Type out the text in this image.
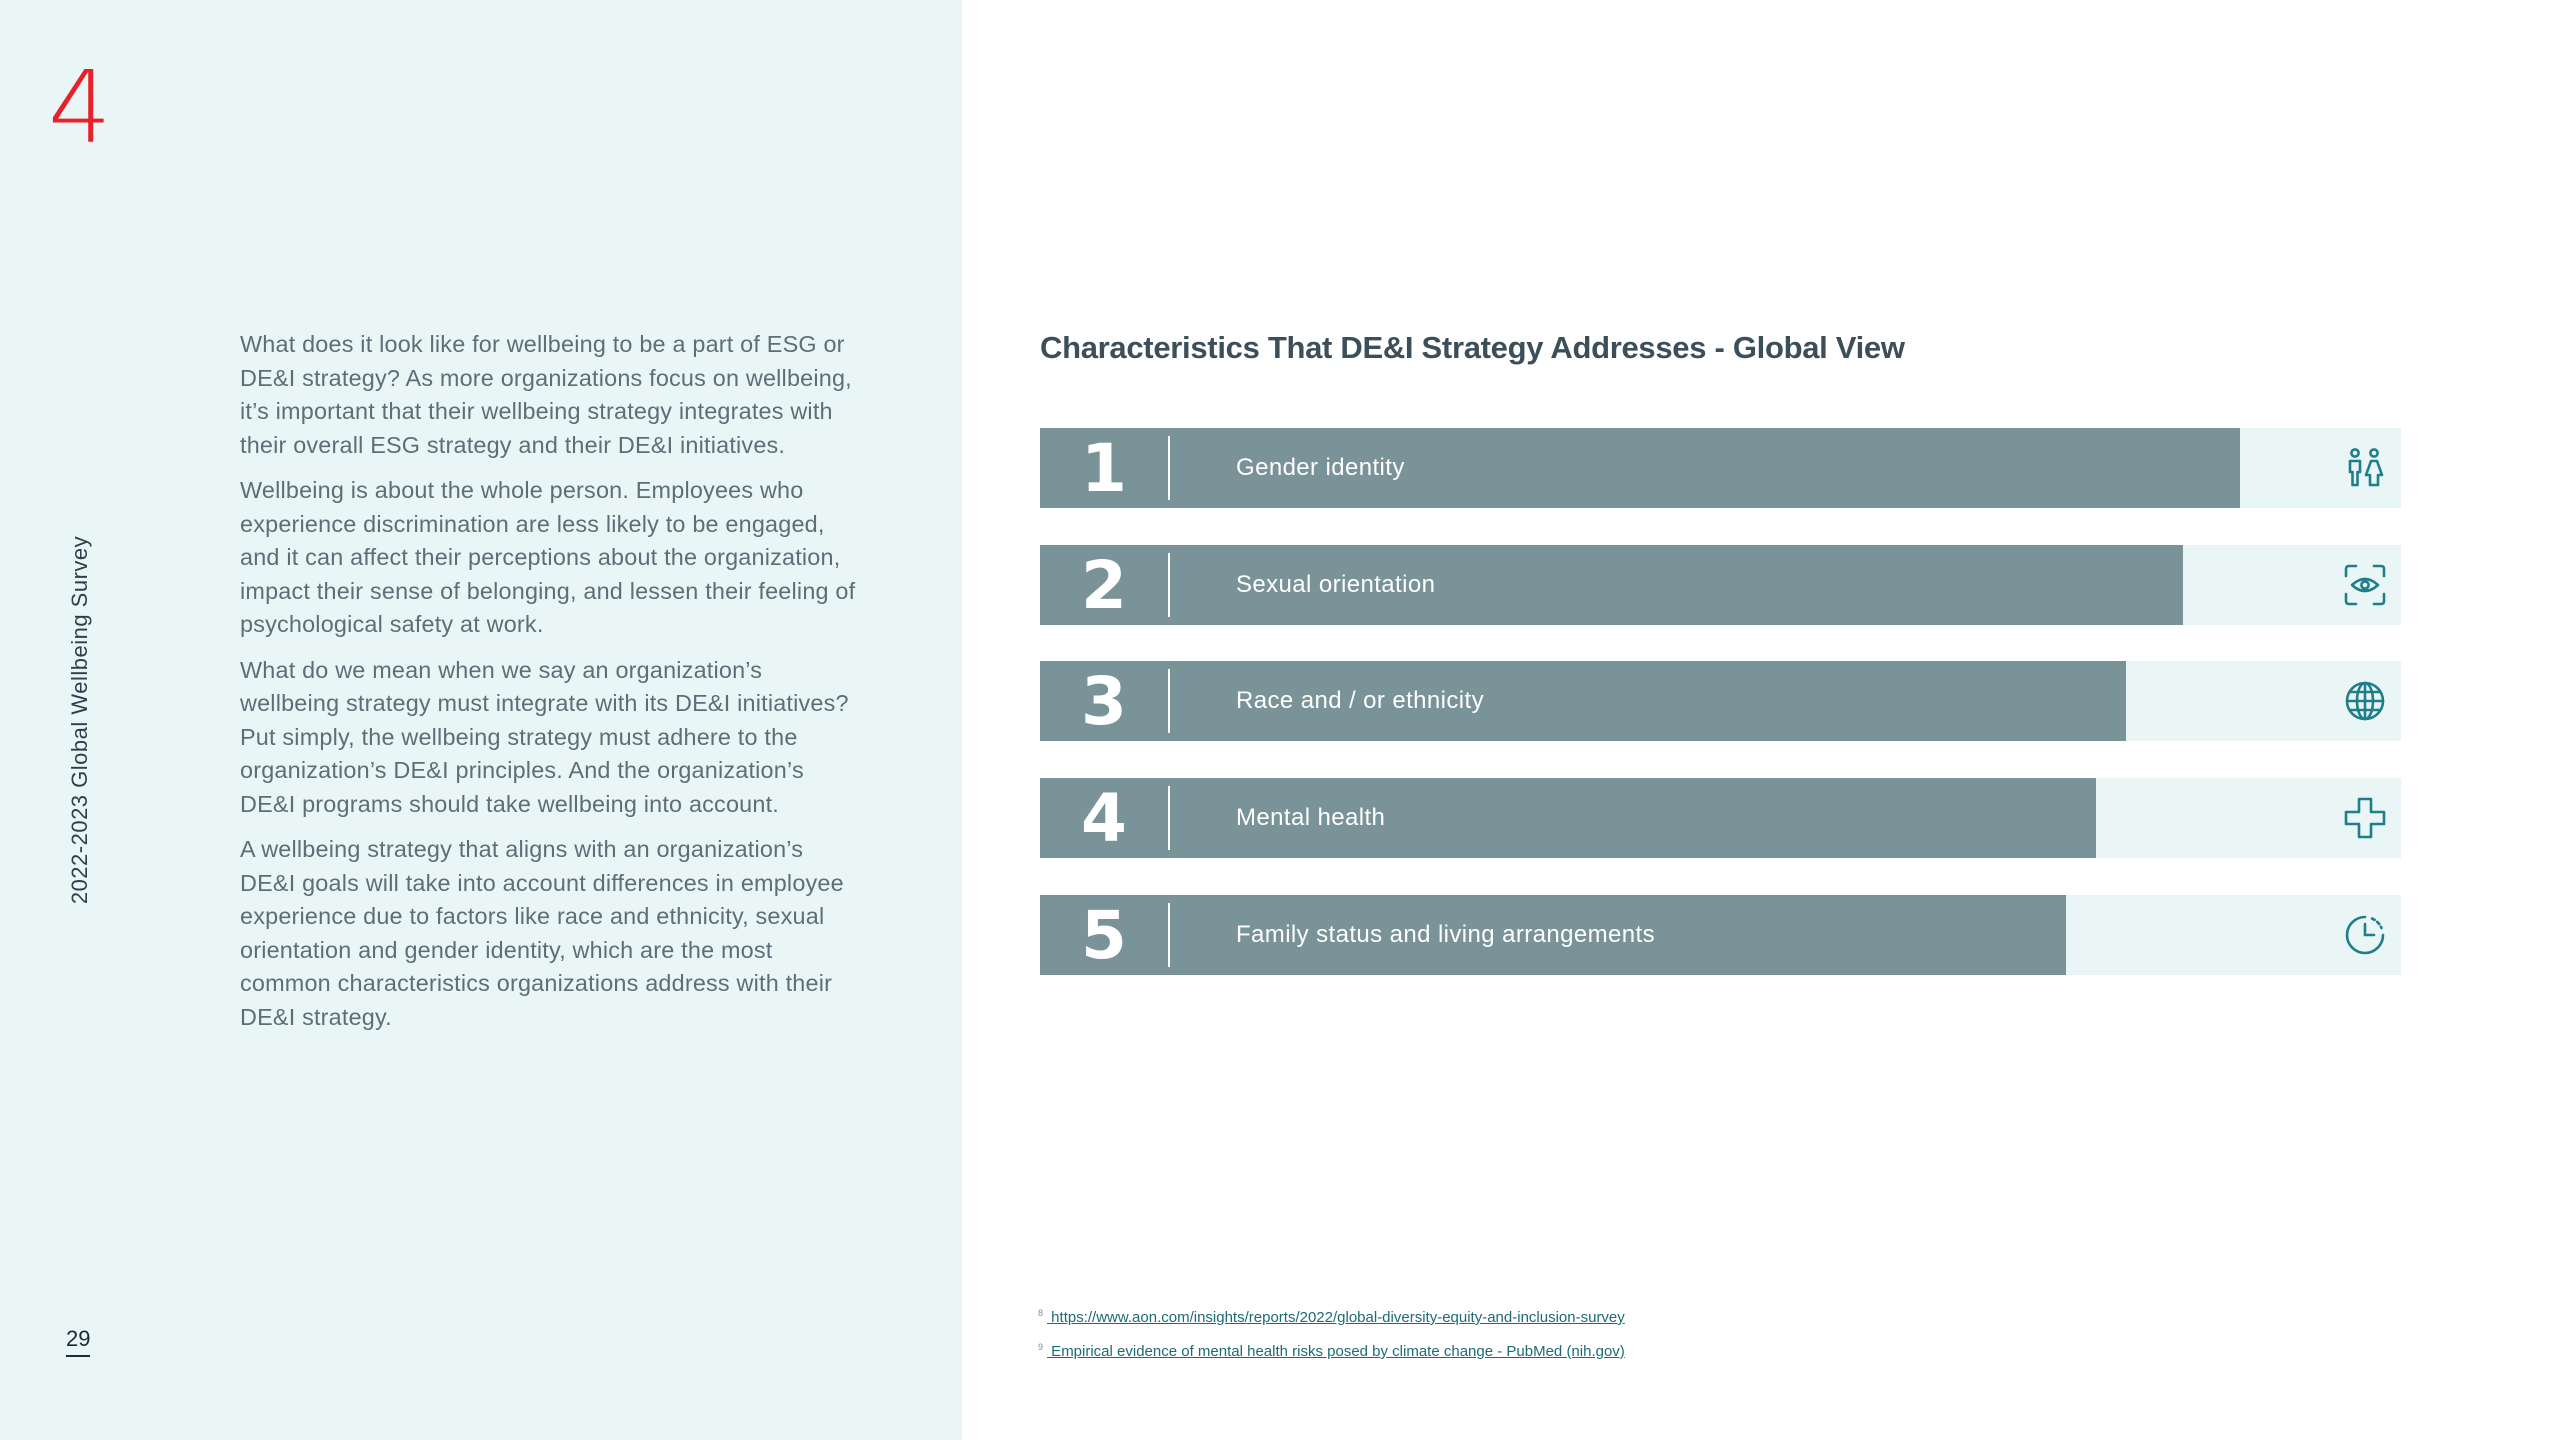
4
2022-2023 Global Wellbeing Survey
29

What does it look like for wellbeing to be a part of ESG or DE&I strategy? As more organizations focus on wellbeing, it’s important that their wellbeing strategy integrates with their overall ESG strategy and their DE&I initiatives.

Wellbeing is about the whole person. Employees who experience discrimination are less likely to be engaged, and it can affect their perceptions about the organization, impact their sense of belonging, and lessen their feeling of psychological safety at work.

What do we mean when we say an organization’s wellbeing strategy must integrate with its DE&I initiatives? Put simply, the wellbeing strategy must adhere to the organization’s DE&I principles. And the organization’s DE&I programs should take wellbeing into account.

A wellbeing strategy that aligns with an organization’s DE&I goals will take into account differences in employee experience due to factors like race and ethnicity, sexual orientation and gender identity, which are the most common characteristics organizations address with their DE&I strategy.

Characteristics That DE&I Strategy Addresses - Global View
1	Gender identity
2	Sexual orientation
3	Race and / or ethnicity
4	Mental health
5	Family status and living arrangements
$^8$ https://www.aon.com/insights/reports/2022/global-diversity-equity-and-inclusion-survey
$^9$ Empirical evidence of mental health risks posed by climate change - PubMed (nih.gov)
